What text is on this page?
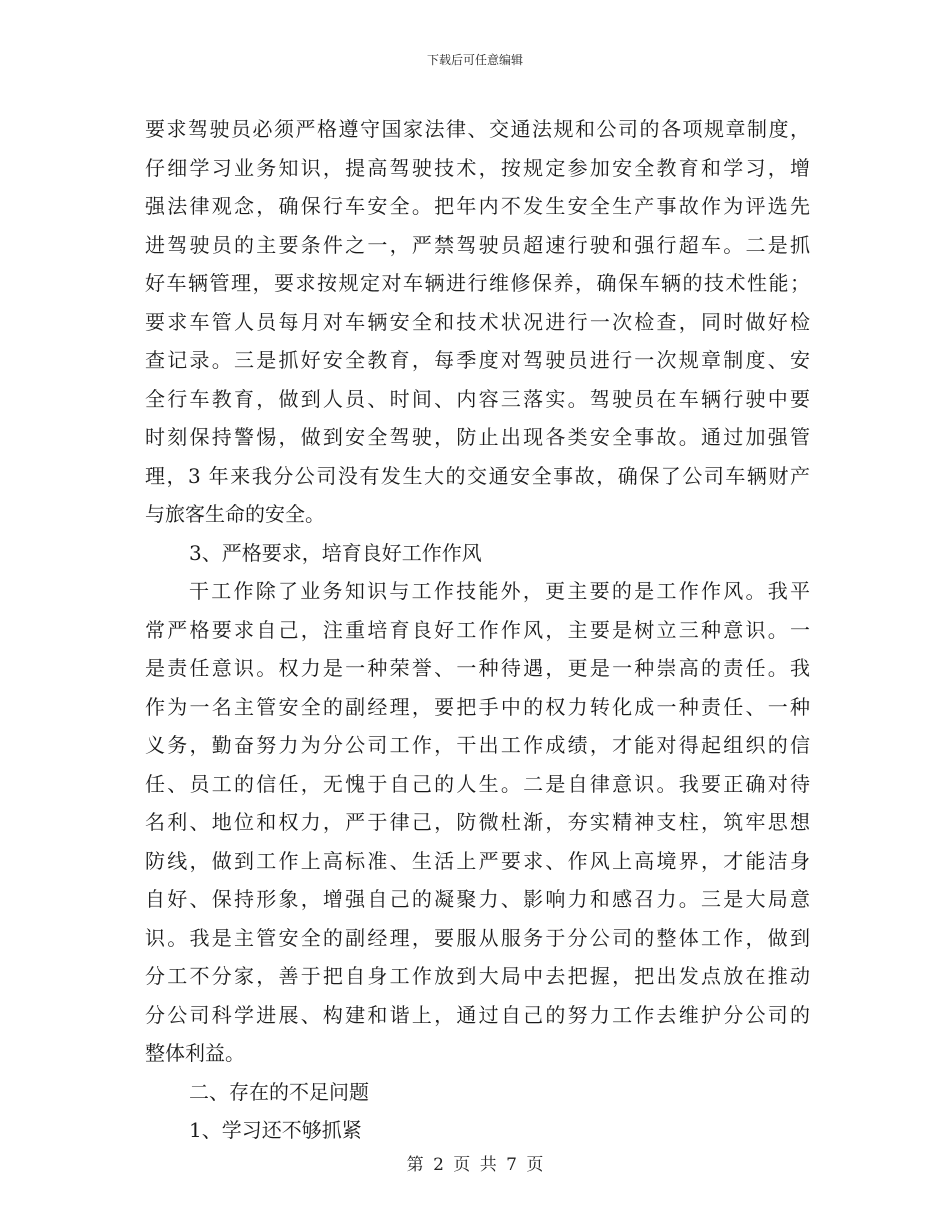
下载后可任意编辑
要求驾驶员必须严格遵守国家法律、交通法规和公司的各项规章制度，
仔细学习业务知识，提高驾驶技术，按规定参加安全教育和学习，增
强法律观念，确保行车安全。把年内不发生安全生产事故作为评选先
进驾驶员的主要条件之一，严禁驾驶员超速行驶和强行超车。二是抓
好车辆管理，要求按规定对车辆进行维修保养，确保车辆的技术性能；
要求车管人员每月对车辆安全和技术状况进行一次检查，同时做好检
查记录。三是抓好安全教育，每季度对驾驶员进行一次规章制度、安
全行车教育，做到人员、时间、内容三落实。驾驶员在车辆行驶中要
时刻保持警惕，做到安全驾驶，防止出现各类安全事故。通过加强管
理，3 年来我分公司没有发生大的交通安全事故，确保了公司车辆财产
与旅客生命的安全。
3、严格要求，培育良好工作作风
干工作除了业务知识与工作技能外，更主要的是工作作风。我平
常严格要求自己，注重培育良好工作作风，主要是树立三种意识。一
是责任意识。权力是一种荣誉、一种待遇，更是一种崇高的责任。我
作为一名主管安全的副经理，要把手中的权力转化成一种责任、一种
义务，勤奋努力为分公司工作，干出工作成绩，才能对得起组织的信
任、员工的信任，无愧于自己的人生。二是自律意识。我要正确对待
名利、地位和权力，严于律己，防微杜渐，夯实精神支柱，筑牢思想
防线，做到工作上高标准、生活上严要求、作风上高境界，才能洁身
自好、保持形象，增强自己的凝聚力、影响力和感召力。三是大局意
识。我是主管安全的副经理，要服从服务于分公司的整体工作，做到
分工不分家，善于把自身工作放到大局中去把握，把出发点放在推动
分公司科学进展、构建和谐上，通过自己的努力工作去维护分公司的
整体利益。
二、存在的不足问题
1、学习还不够抓紧
第 2 页 共 7 页
